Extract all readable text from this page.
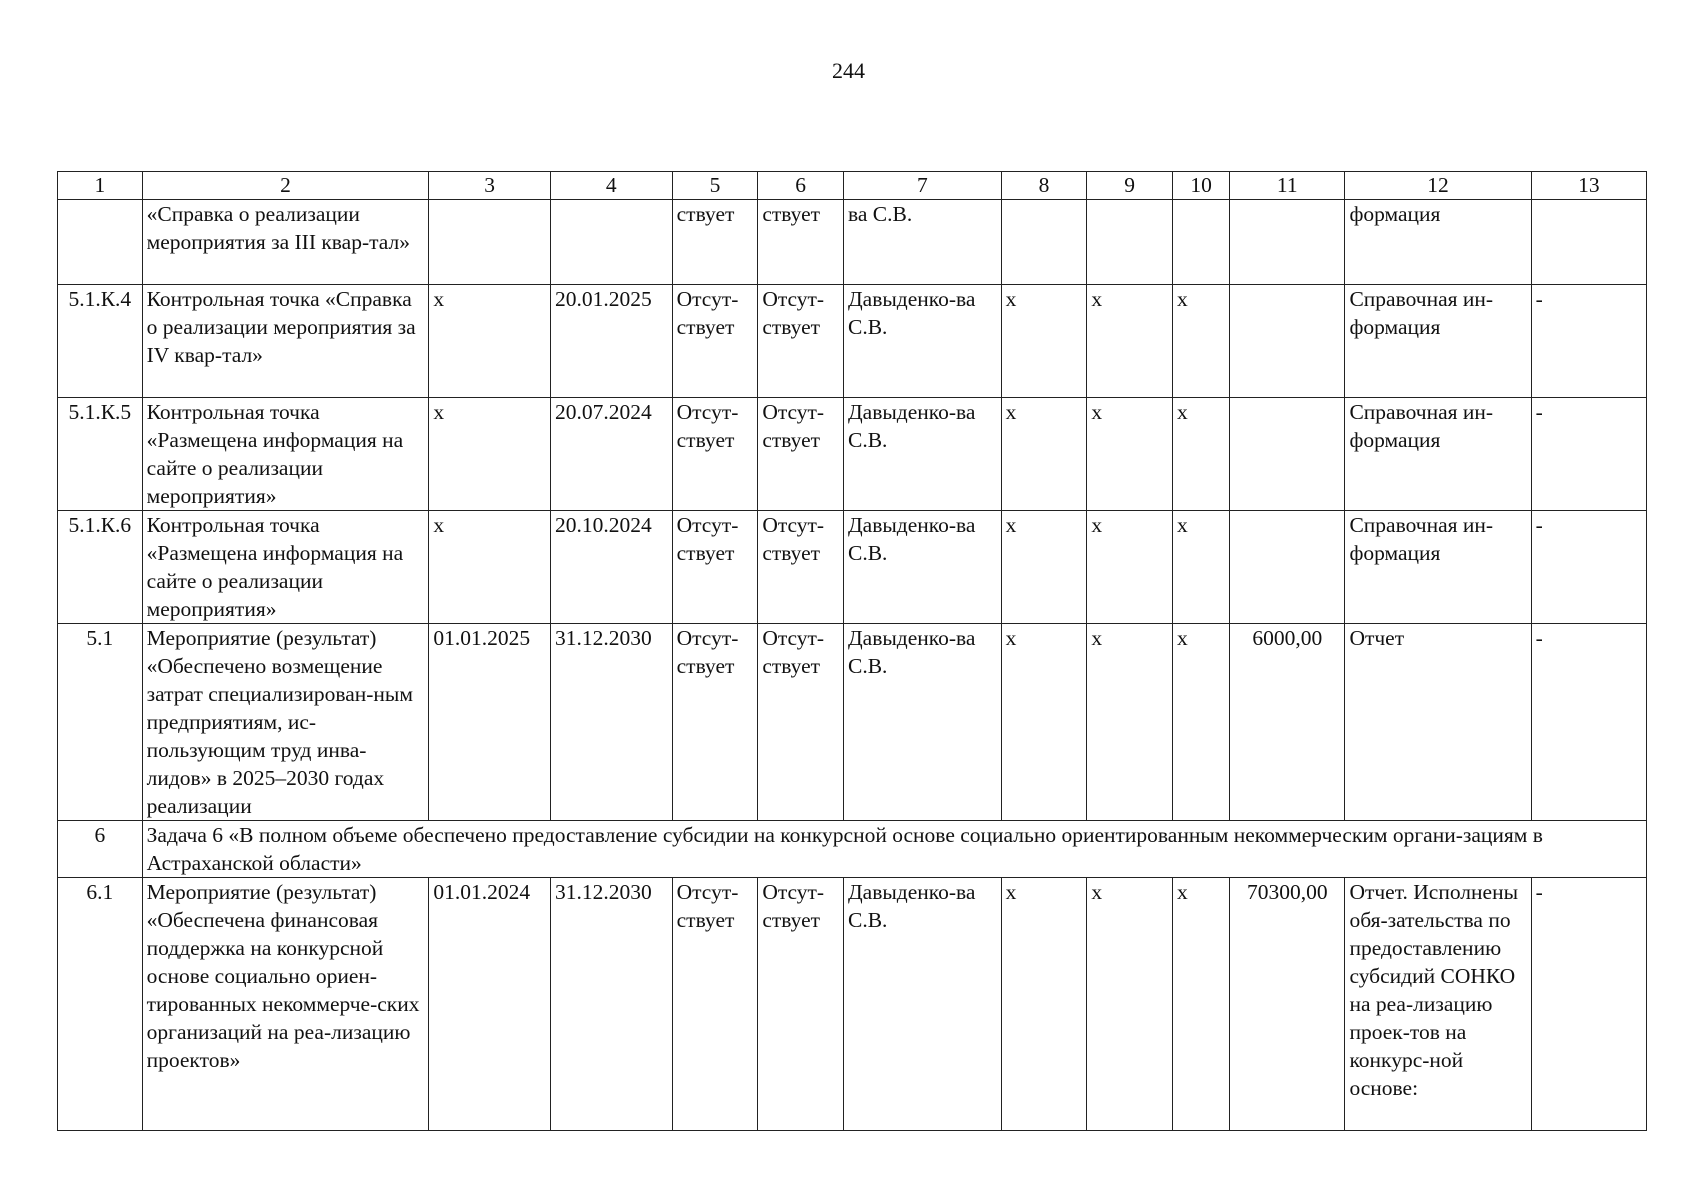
244
1	2	3	4	5	6	7	8	9	10	11	12	13
	«Справка о реализации мероприятия за III квар-тал»			ствует	ствует	ва С.В.					формация	
5.1.К.4	Контрольная точка «Справка о реализации мероприятия за IV квар-тал»	х	20.01.2025	Отсут-ствует	Отсут-ствует	Давыденко-ва С.В.	х	х	х		Справочная ин-формация	-
5.1.К.5	Контрольная точка «Размещена информация на сайте о реализации мероприятия»	х	20.07.2024	Отсут-ствует	Отсут-ствует	Давыденко-ва С.В.	х	х	х		Справочная ин-формация	-
5.1.К.6	Контрольная точка «Размещена информация на сайте о реализации мероприятия»	х	20.10.2024	Отсут-ствует	Отсут-ствует	Давыденко-ва С.В.	х	х	х		Справочная ин-формация	-
5.1	Мероприятие (результат) «Обеспечено возмещение затрат специализирован-ным предприятиям, ис-пользующим труд инва-лидов» в 2025–2030 годах реализации	01.01.2025	31.12.2030	Отсут-ствует	Отсут-ствует	Давыденко-ва С.В.	х	х	х	6000,00	Отчет	-
6	Задача 6 «В полном объеме обеспечено предоставление субсидии на конкурсной основе социально ориентированным некоммерческим органи-зациям в Астраханской области»											
6.1	Мероприятие (результат) «Обеспечена финансовая поддержка на конкурсной основе социально ориен-тированных некоммерче-ских организаций на реа-лизацию проектов»	01.01.2024	31.12.2030	Отсут-ствует	Отсут-ствует	Давыденко-ва С.В.	х	х	х	70300,00	Отчет. Исполнены обя-зательства по предоставлению субсидий СОНКО на реа-лизацию проек-тов на конкурс-ной основе:	-
